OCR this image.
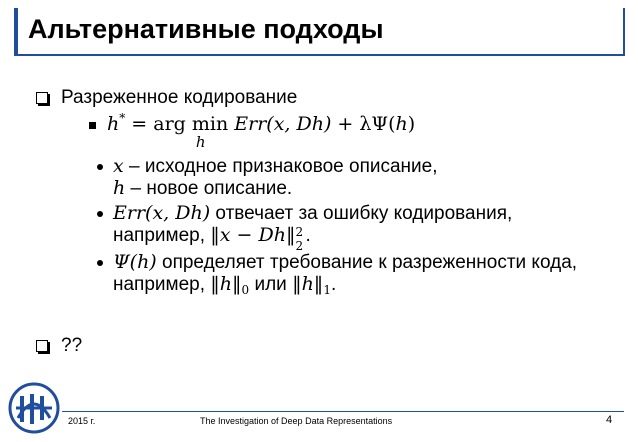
Альтернативные подходы
Разреженное кодирование
h* = arg min
h
Err(x, Dh) + λΨ(h)
x – исходное признаковое описание,
h – новое описание.
Err(x, Dh) отвечает за ошибку кодирования,
например, ‖x − Dh‖ 2
2 .
Ψ(h) определяет требование к разреженности кода,
например, $‖h‖_0$ или $‖h‖_1$.
??
2015 г.	The Investigation of Deep Data Representations	4
